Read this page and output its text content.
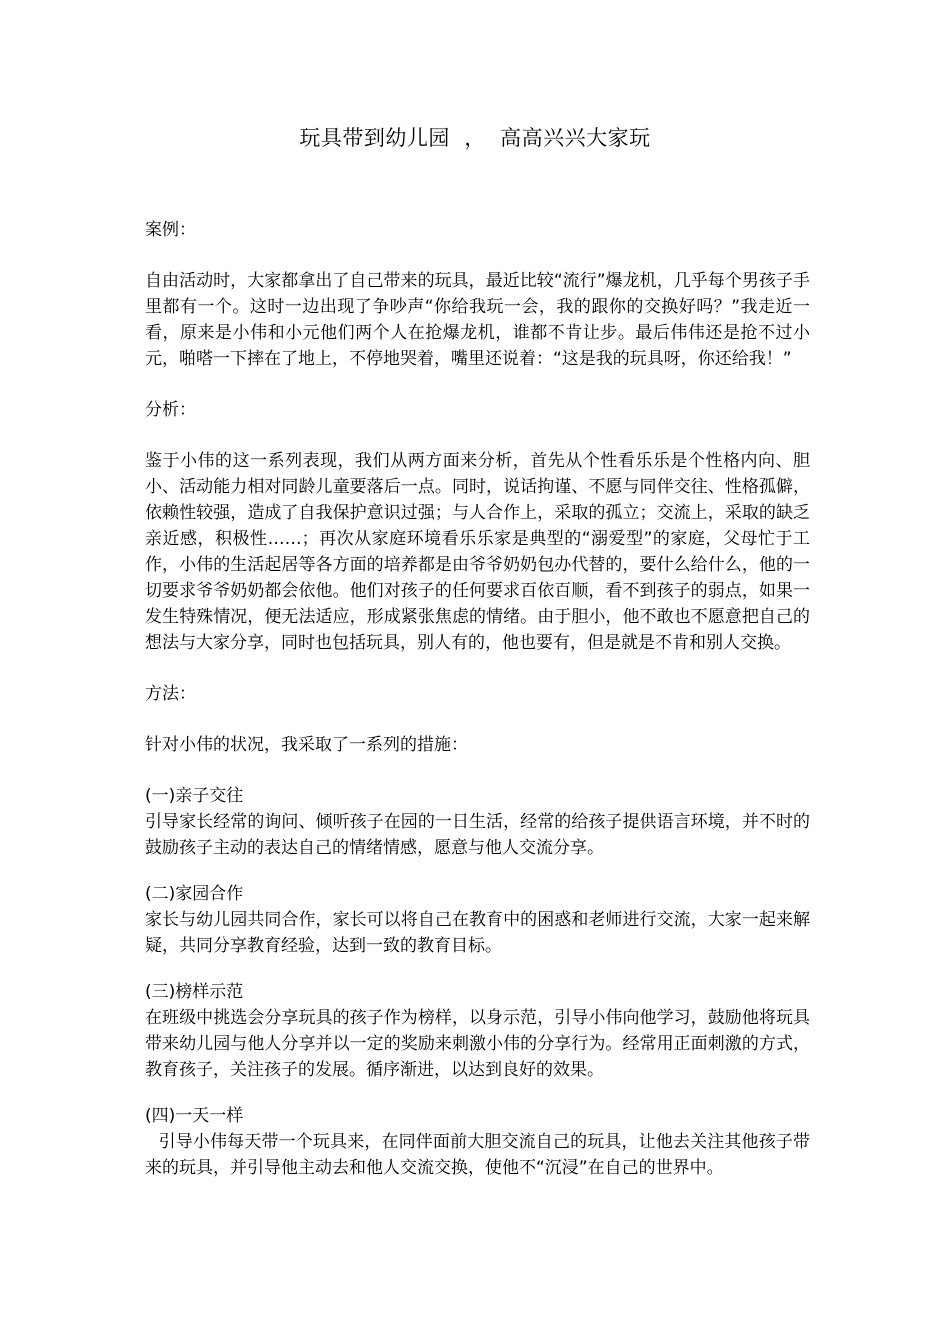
玩具带到幼儿园  ，  高高兴兴大家玩

案例：

自由活动时，大家都拿出了自己带来的玩具，最近比较“流行”爆龙机，几乎每个男孩子手里都有一个。这时一边出现了争吵声“你给我玩一会，我的跟你的交换好吗？”我走近一看，原来是小伟和小元他们两个人在抢爆龙机，谁都不肯让步。最后伟伟还是抢不过小元，啪嗒一下摔在了地上，不停地哭着，嘴里还说着：“这是我的玩具呀，你还给我！”

分析：

鉴于小伟的这一系列表现，我们从两方面来分析，首先从个性看乐乐是个性格内向、胆小、活动能力相对同龄儿童要落后一点。同时，说话拘谨、不愿与同伴交往、性格孤僻，依赖性较强，造成了自我保护意识过强；与人合作上，采取的孤立；交流上，采取的缺乏亲近感，积极性……；再次从家庭环境看乐乐家是典型的“溺爱型”的家庭，父母忙于工作，小伟的生活起居等各方面的培养都是由爷爷奶奶包办代替的，要什么给什么，他的一切要求爷爷奶奶都会依他。他们对孩子的任何要求百依百顺，看不到孩子的弱点，如果一发生特殊情况，便无法适应，形成紧张焦虑的情绪。由于胆小，他不敢也不愿意把自己的想法与大家分享，同时也包括玩具，别人有的，他也要有，但是就是不肯和别人交换。

方法：

针对小伟的状况，我采取了一系列的措施：

(一)亲子交往

引导家长经常的询问、倾听孩子在园的一日生活，经常的给孩子提供语言环境，并不时的鼓励孩子主动的表达自己的情绪情感，愿意与他人交流分享。

(二)家园合作

家长与幼儿园共同合作，家长可以将自己在教育中的困惑和老师进行交流，大家一起来解疑，共同分享教育经验，达到一致的教育目标。

(三)榜样示范

在班级中挑选会分享玩具的孩子作为榜样，以身示范，引导小伟向他学习，鼓励他将玩具带来幼儿园与他人分享并以一定的奖励来刺激小伟的分享行为。经常用正面刺激的方式，教育孩子，关注孩子的发展。循序渐进，以达到良好的效果。

(四)一天一样

引导小伟每天带一个玩具来，在同伴面前大胆交流自己的玩具，让他去关注其他孩子带来的玩具，并引导他主动去和他人交流交换，使他不“沉浸”在自己的世界中。
